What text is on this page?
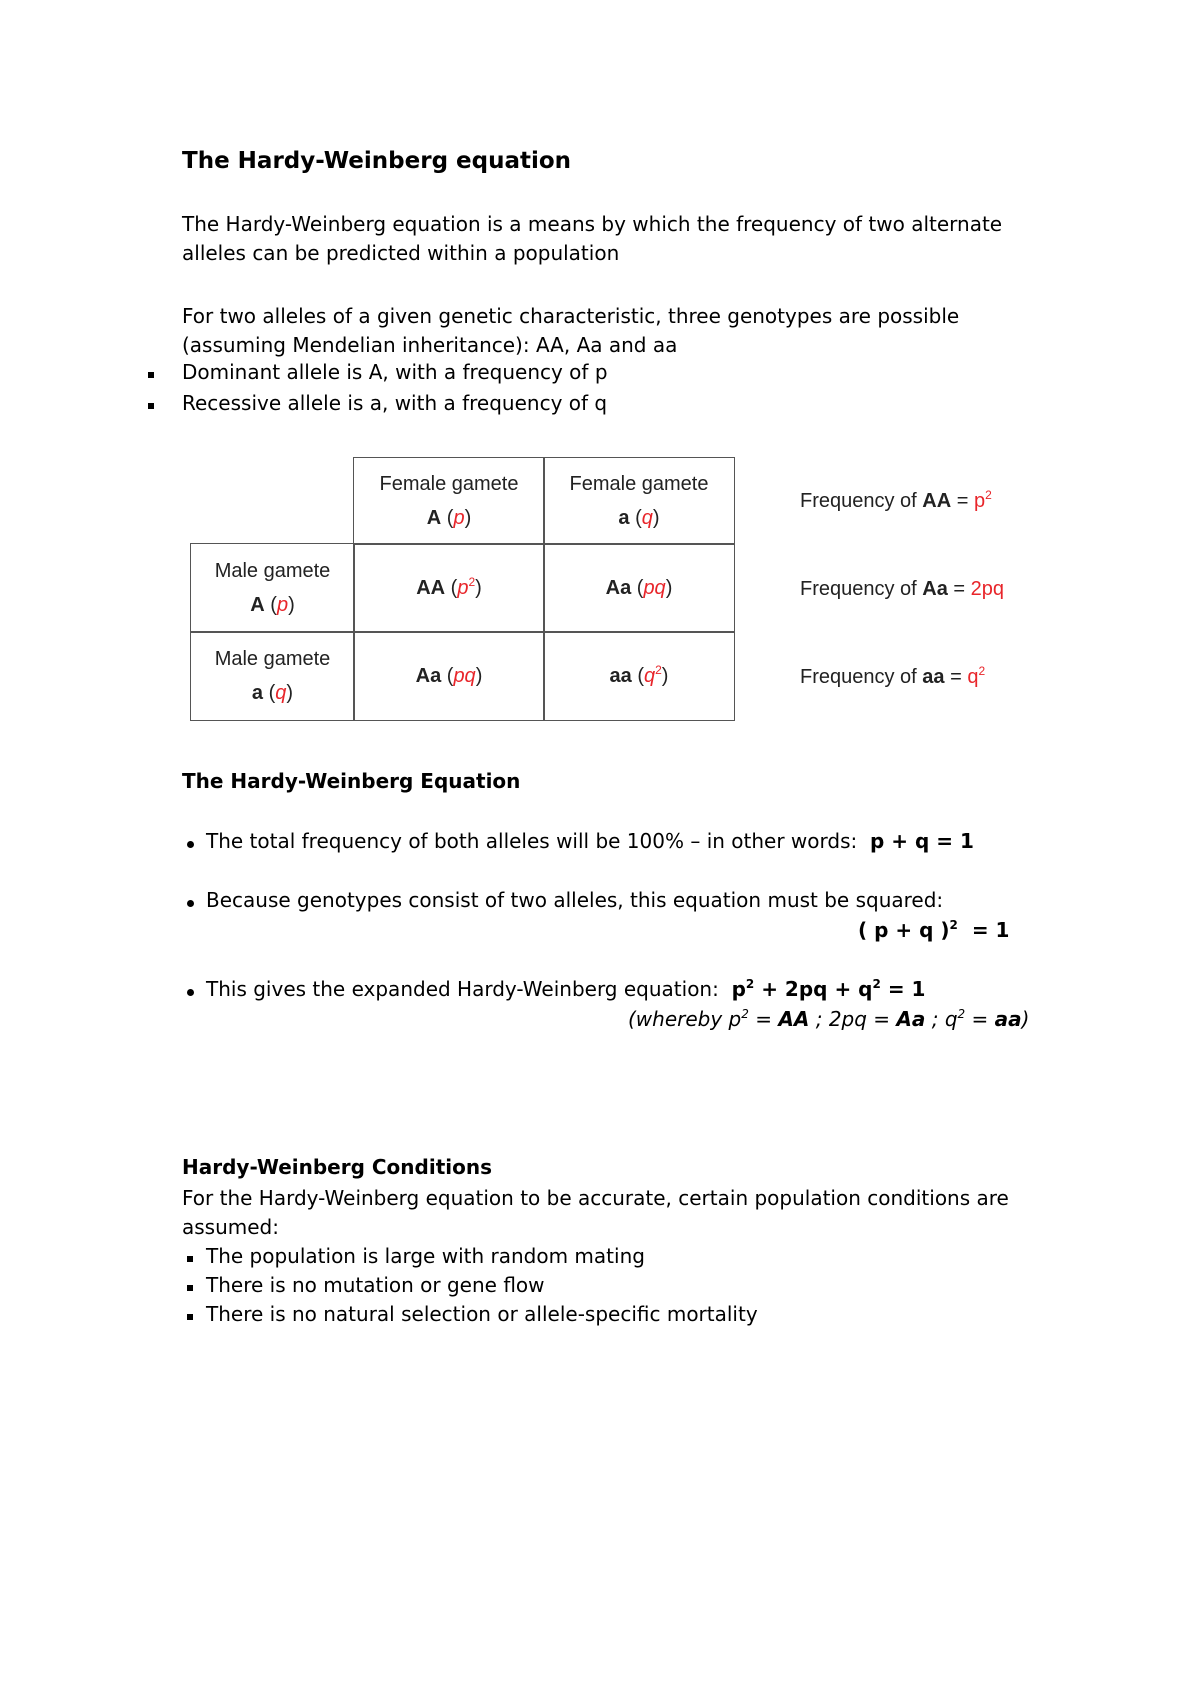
The Hardy-Weinberg equation
The Hardy-Weinberg equation is a means by which the frequency of two alternate
alleles can be predicted within a population
For two alleles of a given genetic characteristic, three genotypes are possible
(assuming Mendelian inheritance): AA, Aa and aa
Dominant allele is A, with a frequency of p
Recessive allele is a, with a frequency of q
Female gamete
A (p)
Female gamete
a (q)
Male gamete
A (p)
AA $(p^2)$	Aa (pq)
Male gamete
a (q)
Aa (pq)	aa $(q^2)$
Frequency of AA = $p^2$
Frequency of Aa = 2pq
Frequency of aa = $q^2$
The Hardy-Weinberg Equation
The total frequency of both alleles will be 100% – in other words: p + q = 1
Because genotypes consist of two alleles, this equation must be squared:
( p + q )$^2$ = 1
This gives the expanded Hardy-Weinberg equation: $p^2 + 2pq + q^2 = 1$
(whereby $p^2$ = AA ; 2pq = Aa ; $q^2 = aa$)
Hardy-Weinberg Conditions
For the Hardy-Weinberg equation to be accurate, certain population conditions are
assumed:
The population is large with random mating
There is no mutation or gene flow
There is no natural selection or allele-specific mortality
